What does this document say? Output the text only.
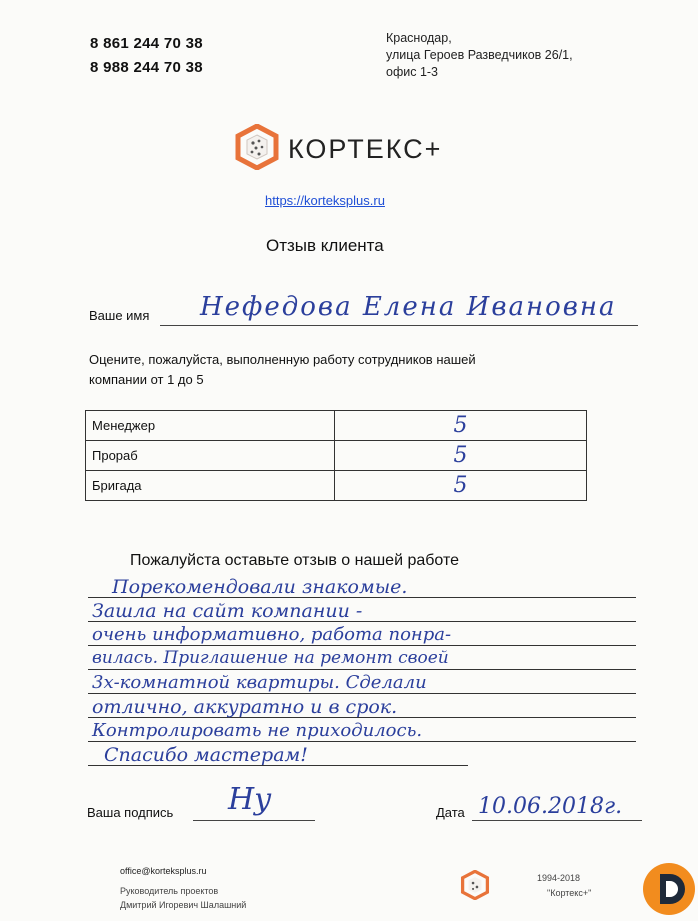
8 861 244 70 38
8 988 244 70 38
Краснодар,
улица Героев Разведчиков 26/1,
офис 1-3
КОРТЕКС+
https://korteksplus.ru
Отзыв клиента
Ваше имя Нефедова Елена Ивановна
Оцените, пожалуйста, выполненную работу сотрудников нашей
компании от 1 до 5
Менеджер	5
Прораб	5
Бригада	5
Пожалуйста оставьте отзыв о нашей работе
Порекомендовали знакомые.
Зашла на сайт компании -
очень информативно, работа понра-
вилась. Приглашение на ремонт своей
3х-комнатной квартиры. Сделали
отлично, аккуратно и в срок.
Контролировать не приходилось.
Спасибо мастерам!
Ваша подпись Ну	Дата 10.06.2018г.
office@korteksplus.ru
Руководитель проектов
Дмитрий Игоревич Шалашний
1994-2018
"Кортекс+"
